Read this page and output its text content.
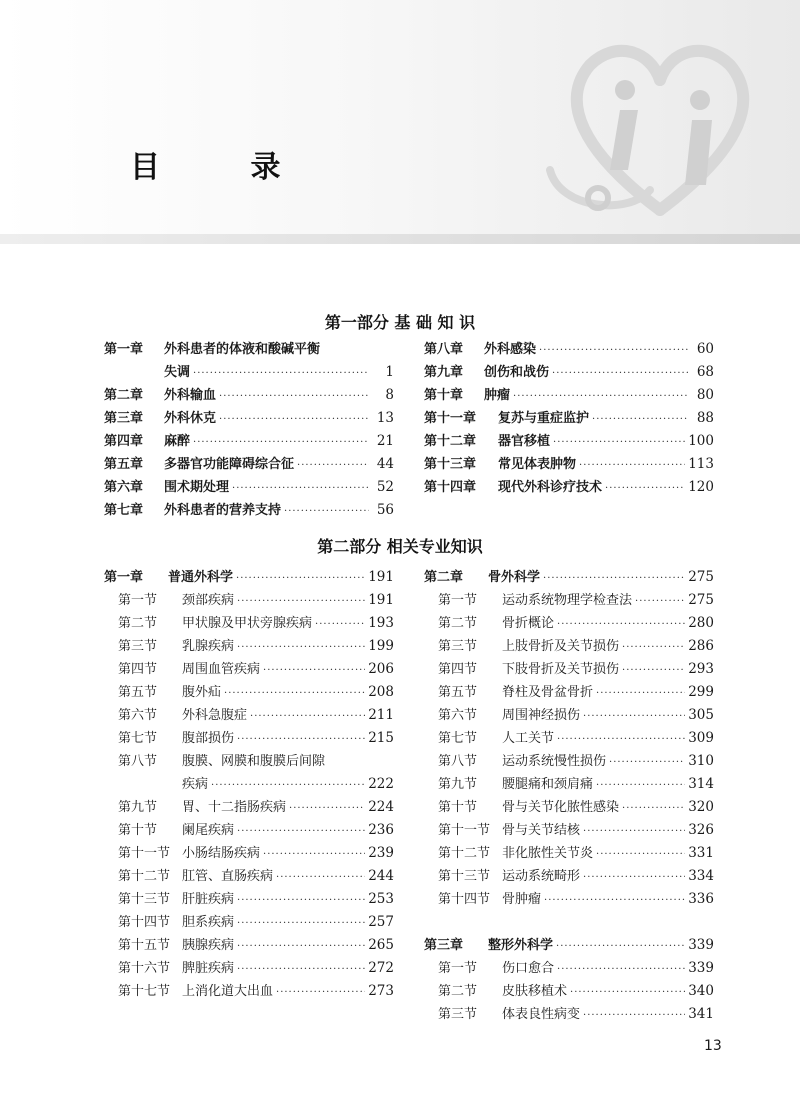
目 录
第一部分 基 础 知 识
第一章	外科患者的体液和酸碱平衡
失调 ·····	1
第二章	外科输血 ·····	8
第三章	外科休克 ·····	13
第四章	麻醉 ·····	21
第五章	多器官功能障碍综合征 ·····	44
第六章	围术期处理 ·····	52
第七章	外科患者的营养支持 ·····	56
第八章	外科感染 ·····	60
第九章	创伤和战伤 ·····	68
第十章	肿瘤 ·····	80
第十一章	复苏与重症监护 ·····	88
第十二章	器官移植 ·····	100
第十三章	常见体表肿物 ·····	113
第十四章	现代外科诊疗技术 ·····	120
第二部分 相关专业知识
第一章	普通外科学 ·····	191
第一节	颈部疾病 ·····	191
第二节	甲状腺及甲状旁腺疾病 ·····	193
第三节	乳腺疾病 ·····	199
第四节	周围血管疾病 ·····	206
第五节	腹外疝 ·····	208
第六节	外科急腹症 ·····	211
第七节	腹部损伤 ·····	215
第八节	腹膜、网膜和腹膜后间隙
疾病 ·····	222
第九节	胃、十二指肠疾病 ·····	224
第十节	阑尾疾病 ·····	236
第十一节 小肠结肠疾病 ·····	239
第十二节 肛管、直肠疾病 ·····	244
第十三节 肝脏疾病 ·····	253
第十四节 胆系疾病 ·····	257
第十五节 胰腺疾病 ·····	265
第十六节 脾脏疾病 ·····	272
第十七节 上消化道大出血 ·····	273
第二章	骨外科学 ·····	275
第一节	运动系统物理学检查法 ·····	275
第二节	骨折概论 ·····	280
第三节	上肢骨折及关节损伤 ·····	286
第四节	下肢骨折及关节损伤 ·····	293
第五节	脊柱及骨盆骨折 ·····	299
第六节	周围神经损伤 ·····	305
第七节	人工关节 ·····	309
第八节	运动系统慢性损伤 ·····	310
第九节	腰腿痛和颈肩痛 ·····	314
第十节	骨与关节化脓性感染 ·····	320
第十一节 骨与关节结核 ·····	326
第十二节 非化脓性关节炎 ·····	331
第十三节 运动系统畸形 ·····	334
第十四节 骨肿瘤 ·····	336
第三章	整形外科学 ·····	339
第一节	伤口愈合 ·····	339
第二节	皮肤移植术 ·····	340
第三节	体表良性病变 ·····	341
13
